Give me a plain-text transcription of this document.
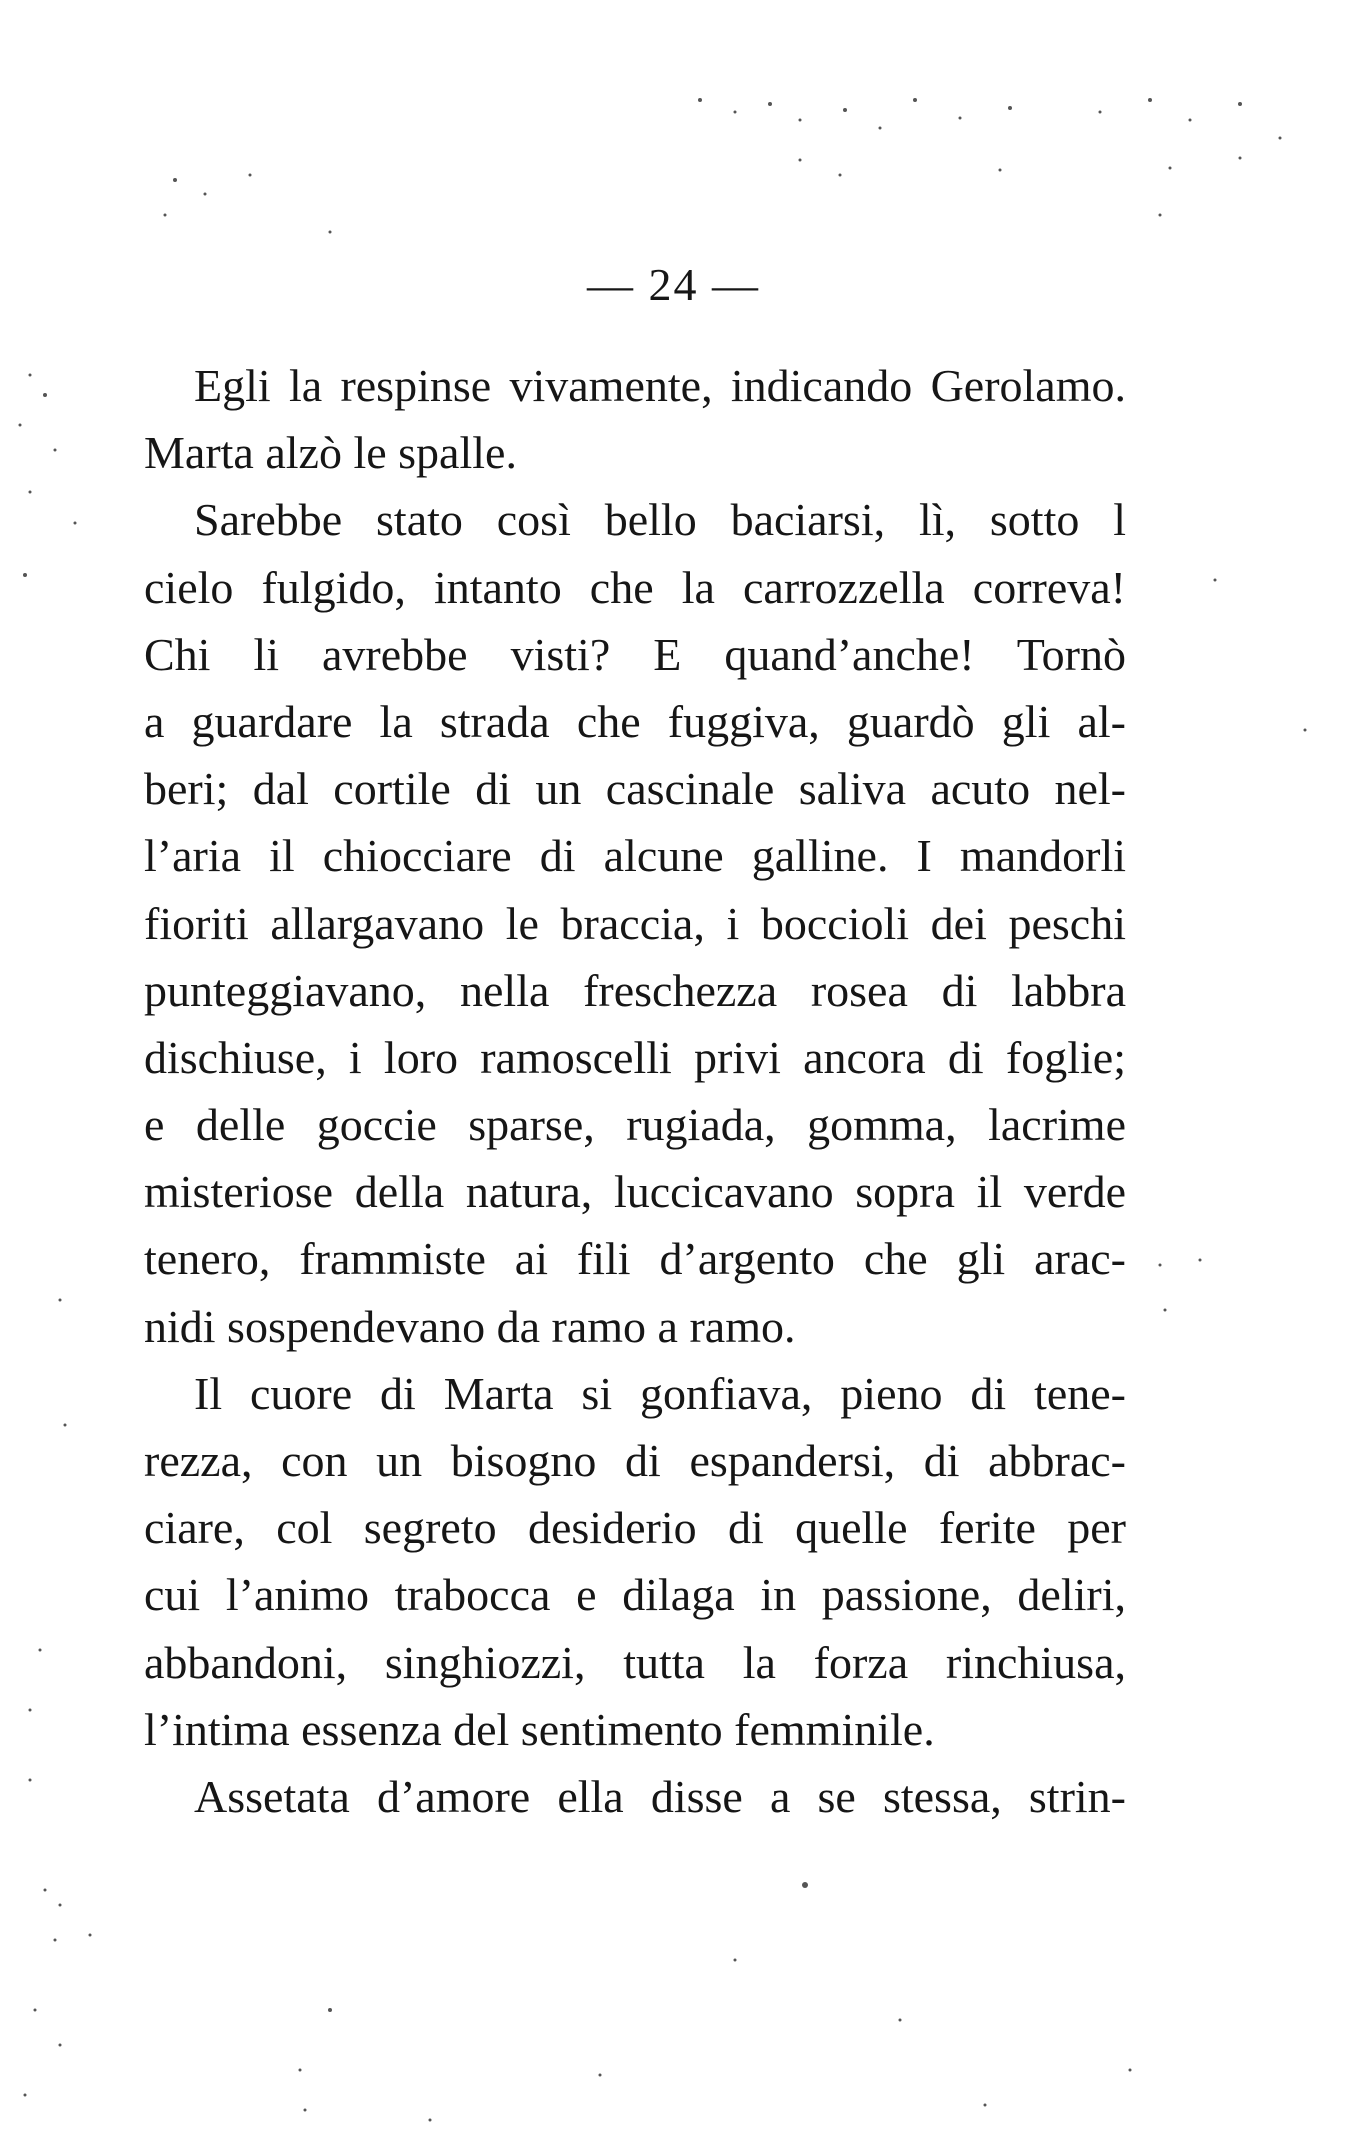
— 24 —
Egli la respinse vivamente, indicando Gerolamo.
Marta alzò le spalle.
Sarebbe stato così bello baciarsi, lì, sotto l
cielo fulgido, intanto che la carrozzella correva!
Chi li avrebbe visti? E quand’anche! Tornò
a guardare la strada che fuggiva, guardò gli al-
beri; dal cortile di un cascinale saliva acuto nel-
l’aria il chiocciare di alcune galline. I mandorli
fioriti allargavano le braccia, i boccioli dei peschi
punteggiavano, nella freschezza rosea di labbra
dischiuse, i loro ramoscelli privi ancora di foglie;
e delle goccie sparse, rugiada, gomma, lacrime
misteriose della natura, luccicavano sopra il verde
tenero, frammiste ai fili d’argento che gli arac-
nidi sospendevano da ramo a ramo.
Il cuore di Marta si gonfiava, pieno di tene-
rezza, con un bisogno di espandersi, di abbrac-
ciare, col segreto desiderio di quelle ferite per
cui l’animo trabocca e dilaga in passione, deliri,
abbandoni, singhiozzi, tutta la forza rinchiusa,
l’intima essenza del sentimento femminile.
Assetata d’amore ella disse a se stessa, strin-
